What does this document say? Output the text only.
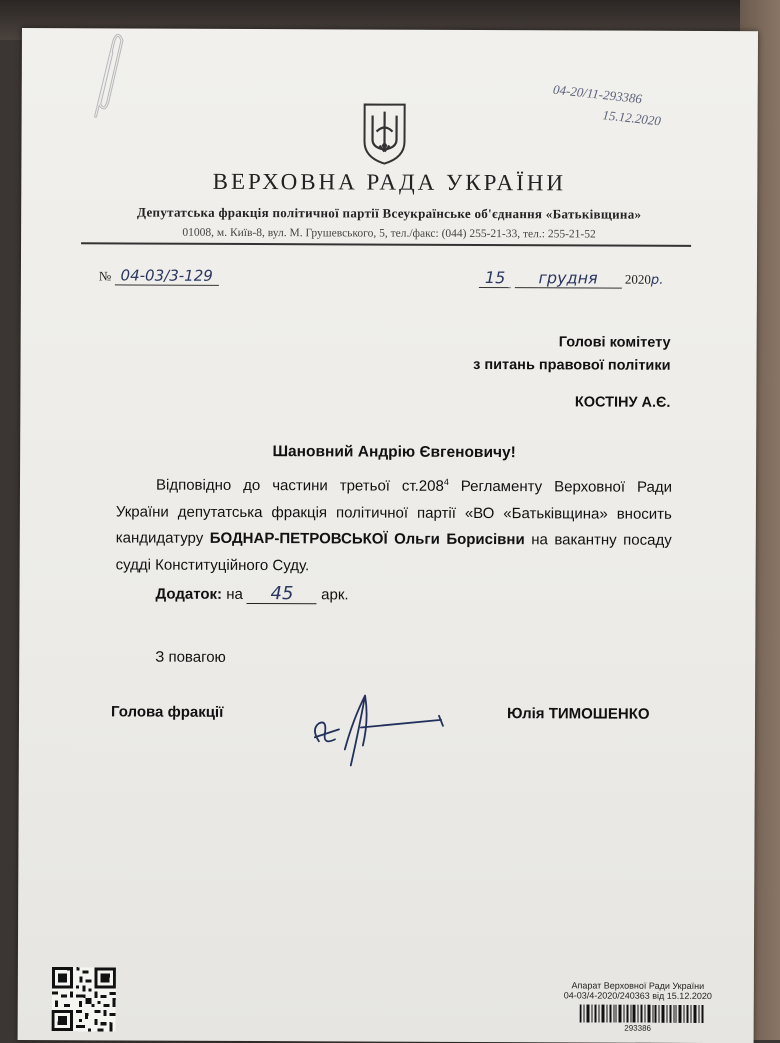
04-20/11-293386
15.12.2020
ВЕРХОВНА РАДА УКРАЇНИ
Депутатська фракція політичної партії Всеукраїнське об'єднання «Батьківщина»
01008, м. Київ-8, вул. М. Грушевського, 5, тел./факс: (044) 255-21-33, тел.: 255-21-52
№ 04-03/3-129	15 грудня 2020р.
Голові комітету
з питань правової політики
КОСТІНУ А.Є.
Шановний Андрію Євгеновичу!
Відповідно до частини третьої ст.208$^4$ Регламенту Верховної Ради України депутатська фракція політичної партії «ВО «Батьківщина» вносить кандидатуру БОДНАР-ПЕТРОВСЬКОЇ Ольги Борисівни на вакантну посаду судді Конституційного Суду.
Додаток: на 45 арк.
З повагою
Голова фракції	Юлія ТИМОШЕНКО
Апарат Верховної Ради України
04-03/4-2020/240363 від 15.12.2020
293386
